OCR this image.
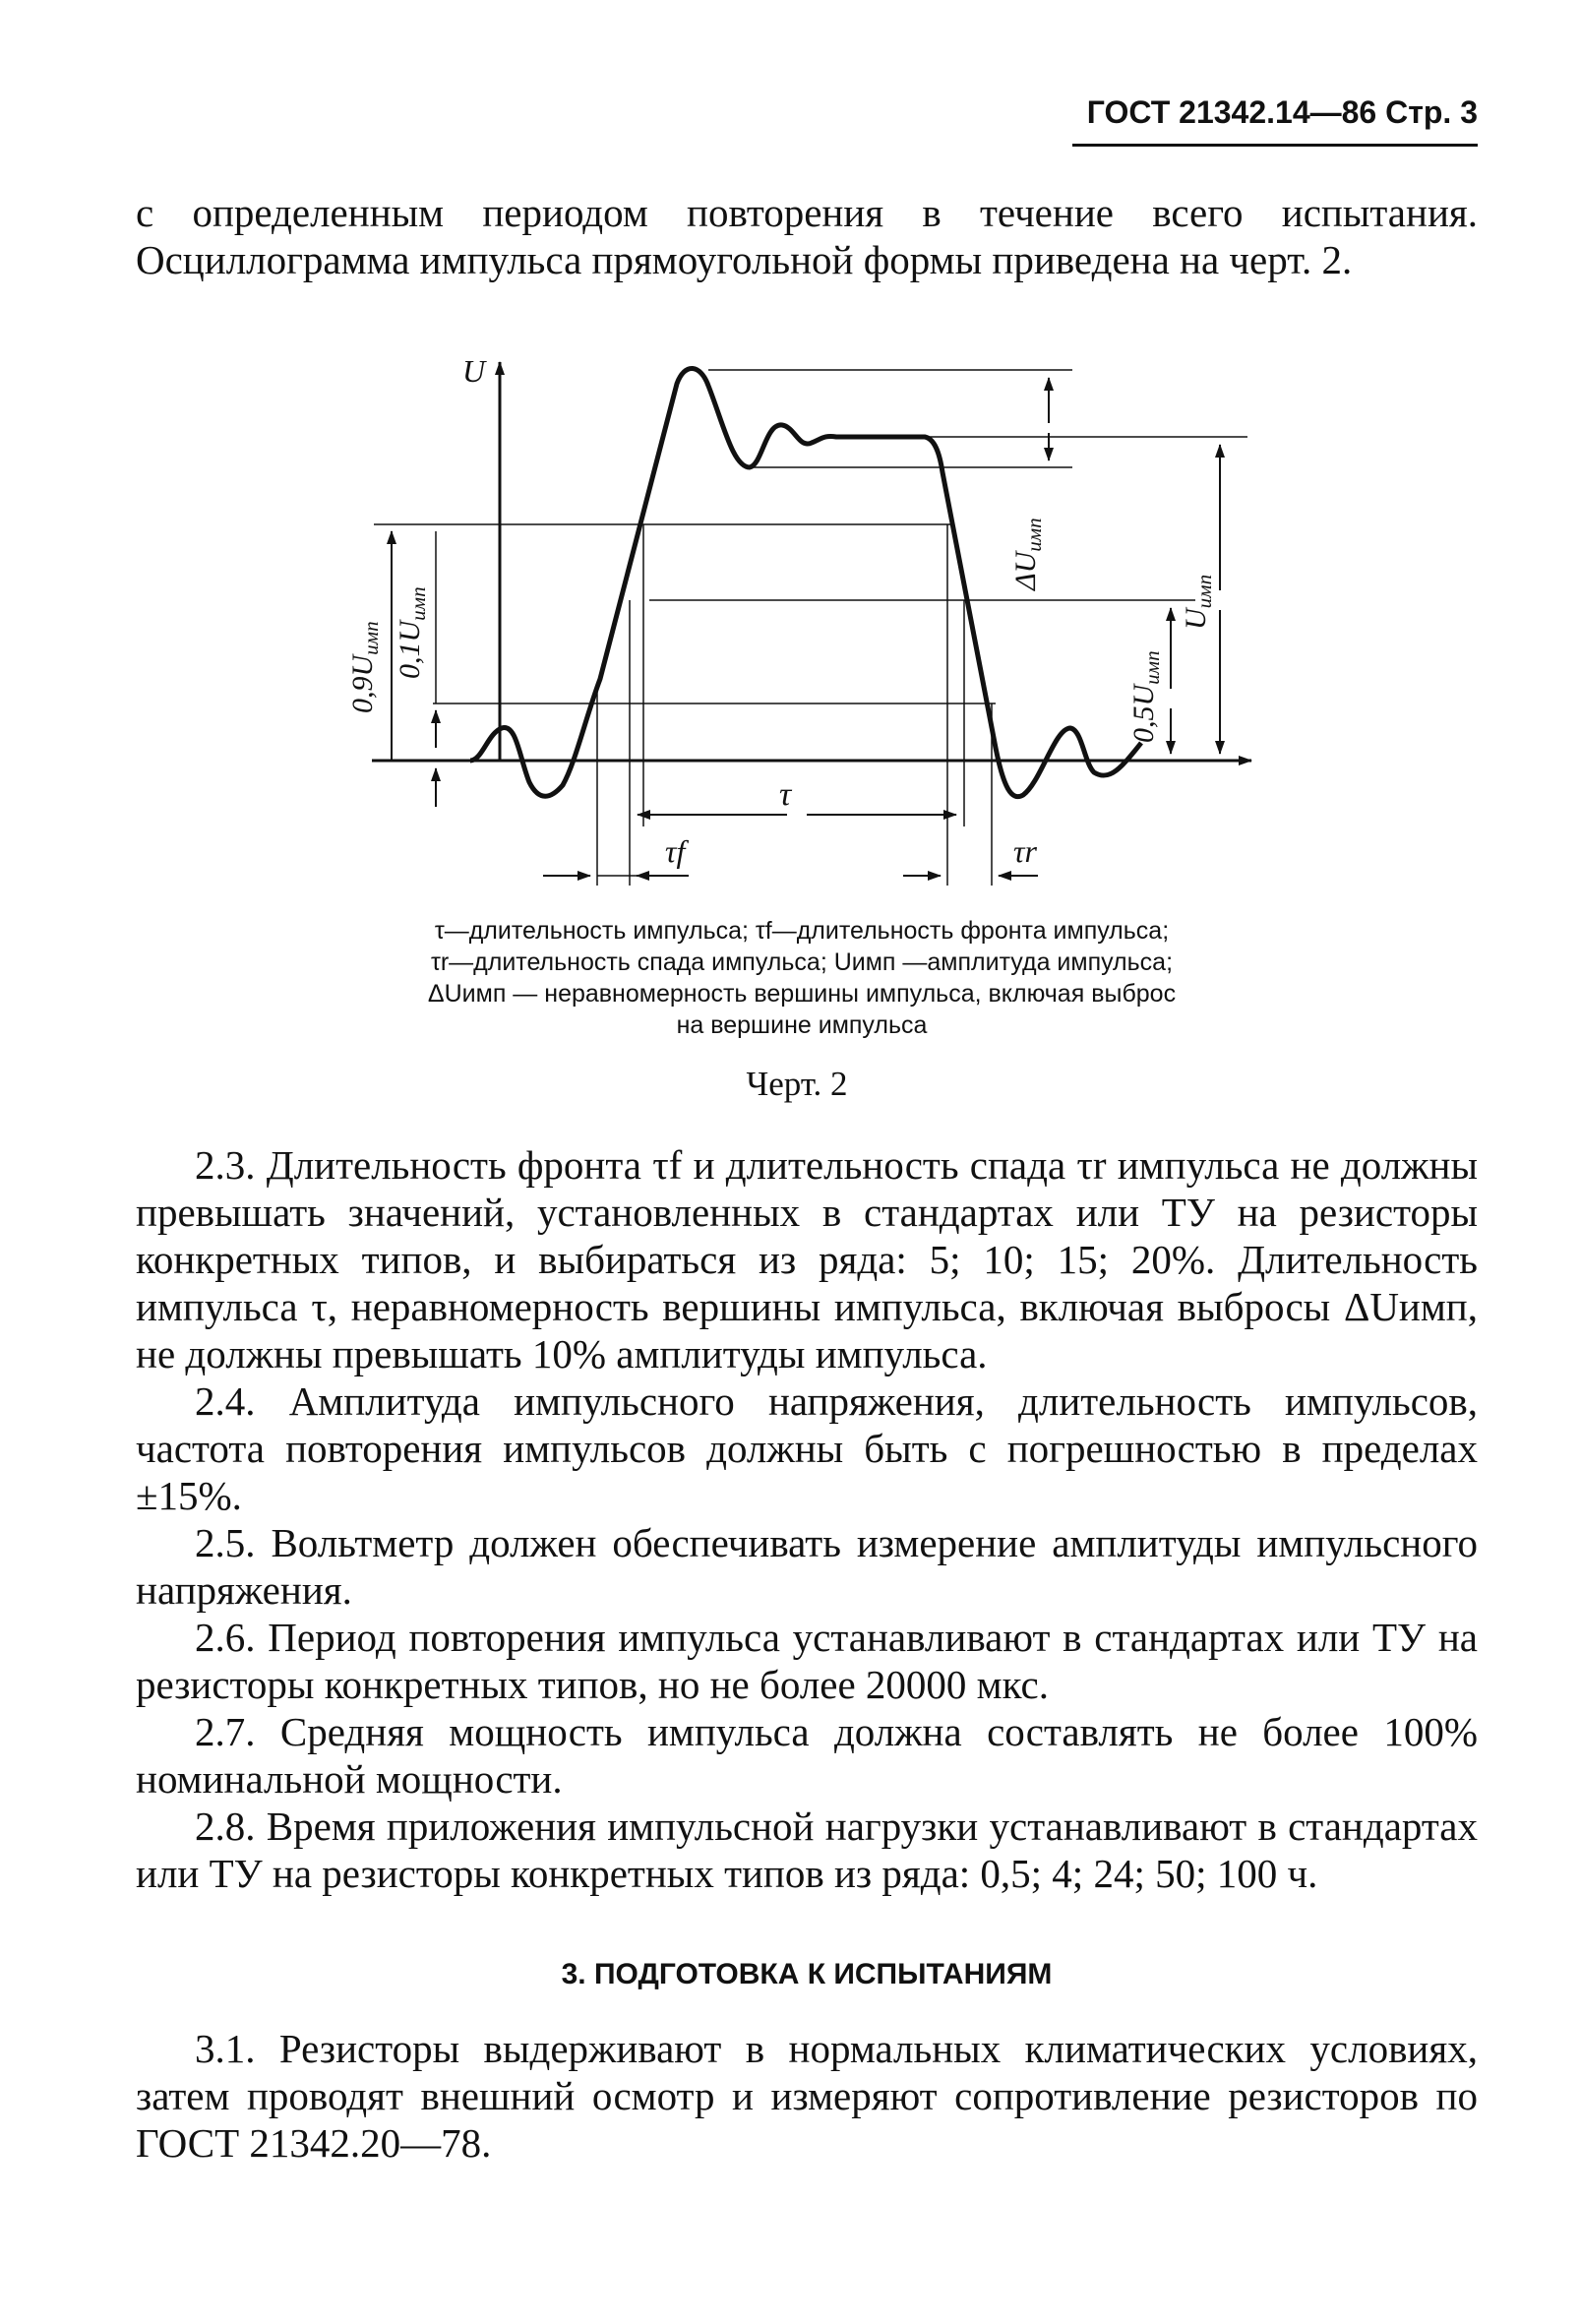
ГОСТ 21342.14—86 Стр. 3
с определенным периодом повторения в течение всего испытания. Осциллограмма импульса прямоугольной формы приведена на черт. 2.
U
$0,9U_{имп}$ $0,1U_{имп}$
$0,5U_{имп}$
$\Delta U_{имп}$
$U_{имп}$
τ
τf	τr

τ—длительность импульса; τf—длительность фронта импульса;

τr—длительность спада импульса; Uимп —амплитуда импульса;

ΔUимп — неравномерность вершины импульса, включая выброс

на вершине импульса

Черт. 2

2.3. Длительность фронта τf и длительность спада τr импульса не должны превышать значений, установленных в стандартах или ТУ на резисторы конкретных типов, и выбираться из ряда: 5; 10; 15; 20%. Длительность импульса τ, неравномерность вершины импульса, включая выбросы ΔUимп, не должны превышать 10% амплитуды импульса.

2.4. Амплитуда импульсного напряжения, длительность импульсов, частота повторения импульсов должны быть с погрешностью в пределах ±15%.

2.5. Вольтметр должен обеспечивать измерение амплитуды импульсного напряжения.

2.6. Период повторения импульса устанавливают в стандартах или ТУ на резисторы конкретных типов, но не более 20000 мкс.

2.7. Средняя мощность импульса должна составлять не более 100% номинальной мощности.

2.8. Время приложения импульсной нагрузки устанавливают в стандартах или ТУ на резисторы конкретных типов из ряда: 0,5; 4; 24; 50; 100 ч.

3. ПОДГОТОВКА К ИСПЫТАНИЯМ

3.1. Резисторы выдерживают в нормальных климатических условиях, затем проводят внешний осмотр и измеряют сопротивление резисторов по ГОСТ 21342.20—78.
